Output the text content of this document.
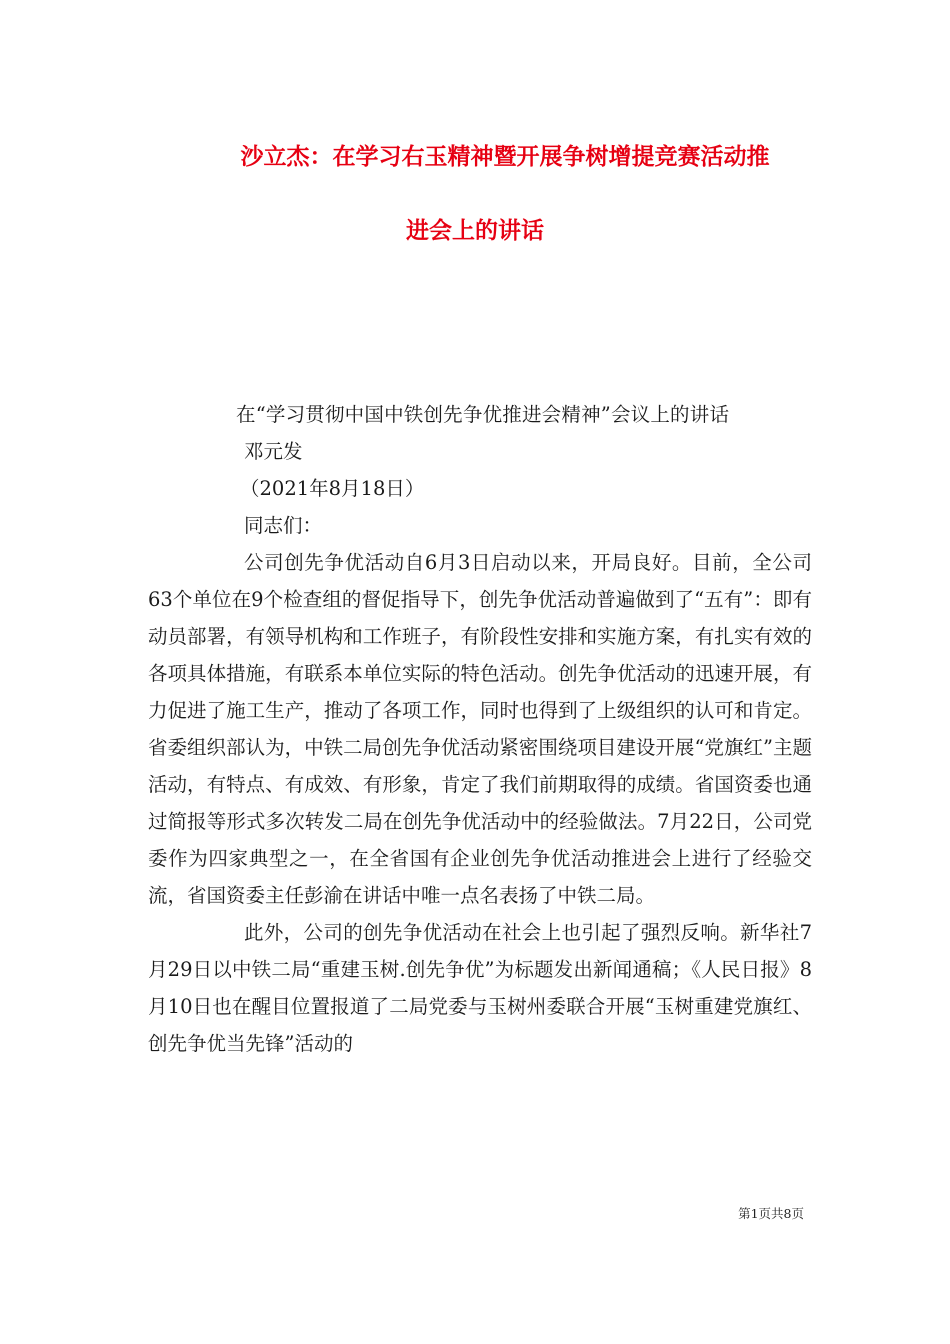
沙立杰：在学习右玉精神暨开展争树增提竞赛活动推
进会上的讲话

在“学习贯彻中国中铁创先争优推进会精神”会议上的讲话

邓元发

（2021年8月18日）

同志们：

公司创先争优活动自6月3日启动以来，开局良好。目前，全公司63个单位在9个检查组的督促指导下，创先争优活动普遍做到了“五有”：即有动员部署，有领导机构和工作班子，有阶段性安排和实施方案，有扎实有效的各项具体措施，有联系本单位实际的特色活动。创先争优活动的迅速开展，有力促进了施工生产，推动了各项工作，同时也得到了上级组织的认可和肯定。省委组织部认为，中铁二局创先争优活动紧密围绕项目建设开展“党旗红”主题活动，有特点、有成效、有形象，肯定了我们前期取得的成绩。省国资委也通过简报等形式多次转发二局在创先争优活动中的经验做法。7月22日，公司党委作为四家典型之一，在全省国有企业创先争优活动推进会上进行了经验交流，省国资委主任彭渝在讲话中唯一点名表扬了中铁二局。

此外，公司的创先争优活动在社会上也引起了强烈反响。新华社7月29日以中铁二局“重建玉树.创先争优”为标题发出新闻通稿；《人民日报》8月10日也在醒目位置报道了二局党委与玉树州委联合开展“玉树重建党旗红、创先争优当先锋”活动的

第1页共8页
